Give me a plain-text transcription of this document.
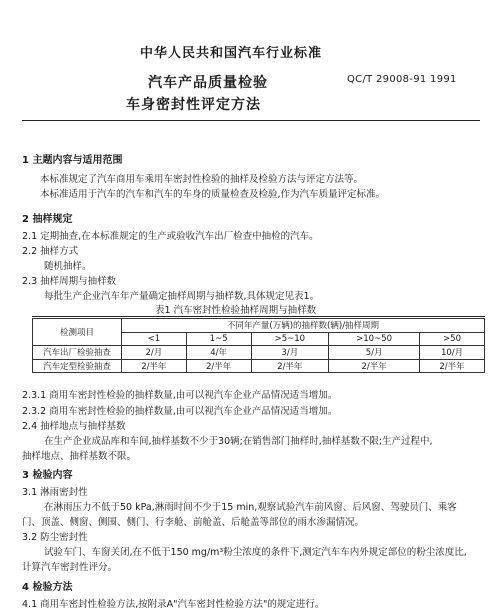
中华人民共和国汽车行业标准
汽车产品质量检验
车身密封性评定方法
QC/T 29008-91 1991
1 主题内容与适用范围
本标准规定了汽车商用车乘用车密封性检验的抽样及检验方法与评定方法等。
本标准适用于汽车的汽车和汽车的车身的质量检查及检验,作为汽车质量评定标准。
2 抽样规定
2.1 定期抽查,在本标准规定的生产或验收汽车出厂检查中抽检的汽车。
2.2 抽样方式
随机抽样。
2.3 抽样周期与抽样数
每批生产企业汽车年产量确定抽样周期与抽样数,具体规定见表1。
表1 汽车密封性检验抽样周期与抽样数
检测项目	不同年产量(万辆)的抽样数(辆)/抽样周期				
	<1	1~5	>5~10	>10~50	>50
汽车出厂检验抽查	2/月	4/年	3/月	5/月	10/月
汽车定型检验抽查	2/半年	2/半年	2/半年	2/半年	2/半年
2.3.1 商用车密封性检验的抽样数量,由可以视汽车企业产品情况适当增加。
2.3.2 商用车密封性检验的抽样数量,由可以视汽车企业产品情况适当增加。
2.4 抽样地点与抽样基数
在生产企业成品库和车间,抽样基数不少于30辆;在销售部门抽样时,抽样基数不限;生产过程中,
抽样地点、抽样基数不限。
3 检验内容
3.1 淋雨密封性
在淋雨压力不低于50 kPa,淋雨时间不少于15 min,观察试验汽车前风窗、后风窗、驾驶员门、乘客
门、顶盖、侧窗、侧围、侧门、行李舱、前舱盖、后舱盖等部位的雨水渗漏情况。
3.2 防尘密封性
试验车门、车窗关闭,在不低于150 mg/m³粉尘浓度的条件下,测定汽车车内外规定部位的粉尘浓度比,
计算汽车密封性评分。
4 检验方法
4.1 商用车密封性检验方法,按附录A"汽车密封性检验方法"的规定进行。
